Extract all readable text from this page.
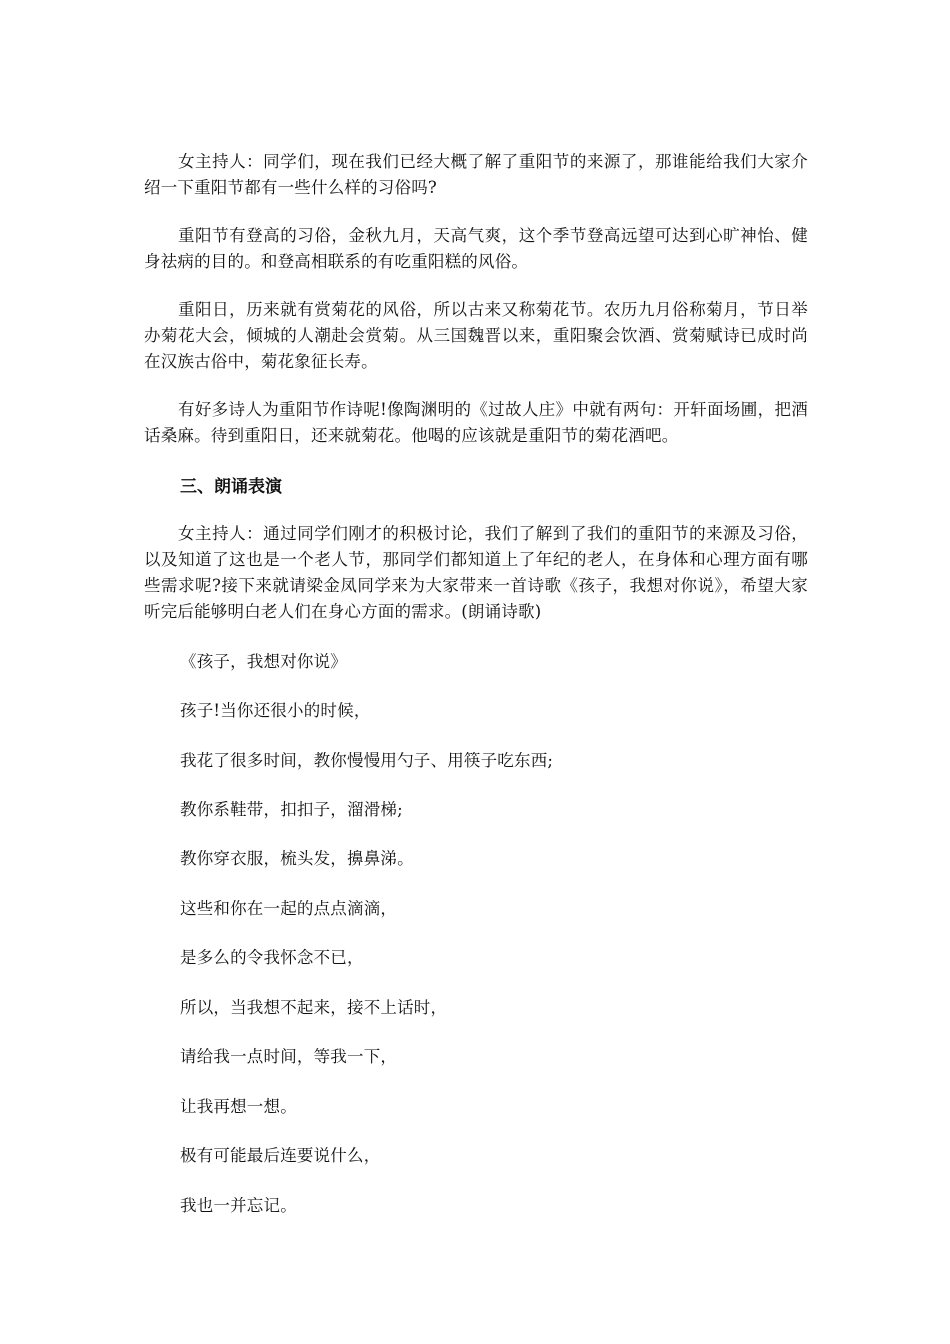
女主持人：同学们，现在我们已经大概了解了重阳节的来源了，那谁能给我们大家介绍一下重阳节都有一些什么样的习俗吗?

重阳节有登高的习俗，金秋九月，天高气爽，这个季节登高远望可达到心旷神怡、健身祛病的目的。和登高相联系的有吃重阳糕的风俗。

重阳日，历来就有赏菊花的风俗，所以古来又称菊花节。农历九月俗称菊月，节日举办菊花大会，倾城的人潮赴会赏菊。从三国魏晋以来，重阳聚会饮酒、赏菊赋诗已成时尚在汉族古俗中，菊花象征长寿。

有好多诗人为重阳节作诗呢!像陶渊明的《过故人庄》中就有两句：开轩面场圃，把酒话桑麻。待到重阳日，还来就菊花。他喝的应该就是重阳节的菊花酒吧。

三、朗诵表演

女主持人：通过同学们刚才的积极讨论，我们了解到了我们的重阳节的来源及习俗，以及知道了这也是一个老人节，那同学们都知道上了年纪的老人，在身体和心理方面有哪些需求呢?接下来就请梁金凤同学来为大家带来一首诗歌《孩子，我想对你说》，希望大家听完后能够明白老人们在身心方面的需求。(朗诵诗歌)

《孩子，我想对你说》

孩子!当你还很小的时候，

我花了很多时间，教你慢慢用勺子、用筷子吃东西;

教你系鞋带，扣扣子，溜滑梯;

教你穿衣服，梳头发，擤鼻涕。

这些和你在一起的点点滴滴，

是多么的令我怀念不已，

所以，当我想不起来，接不上话时，

请给我一点时间，等我一下，

让我再想一想。

极有可能最后连要说什么，

我也一并忘记。
